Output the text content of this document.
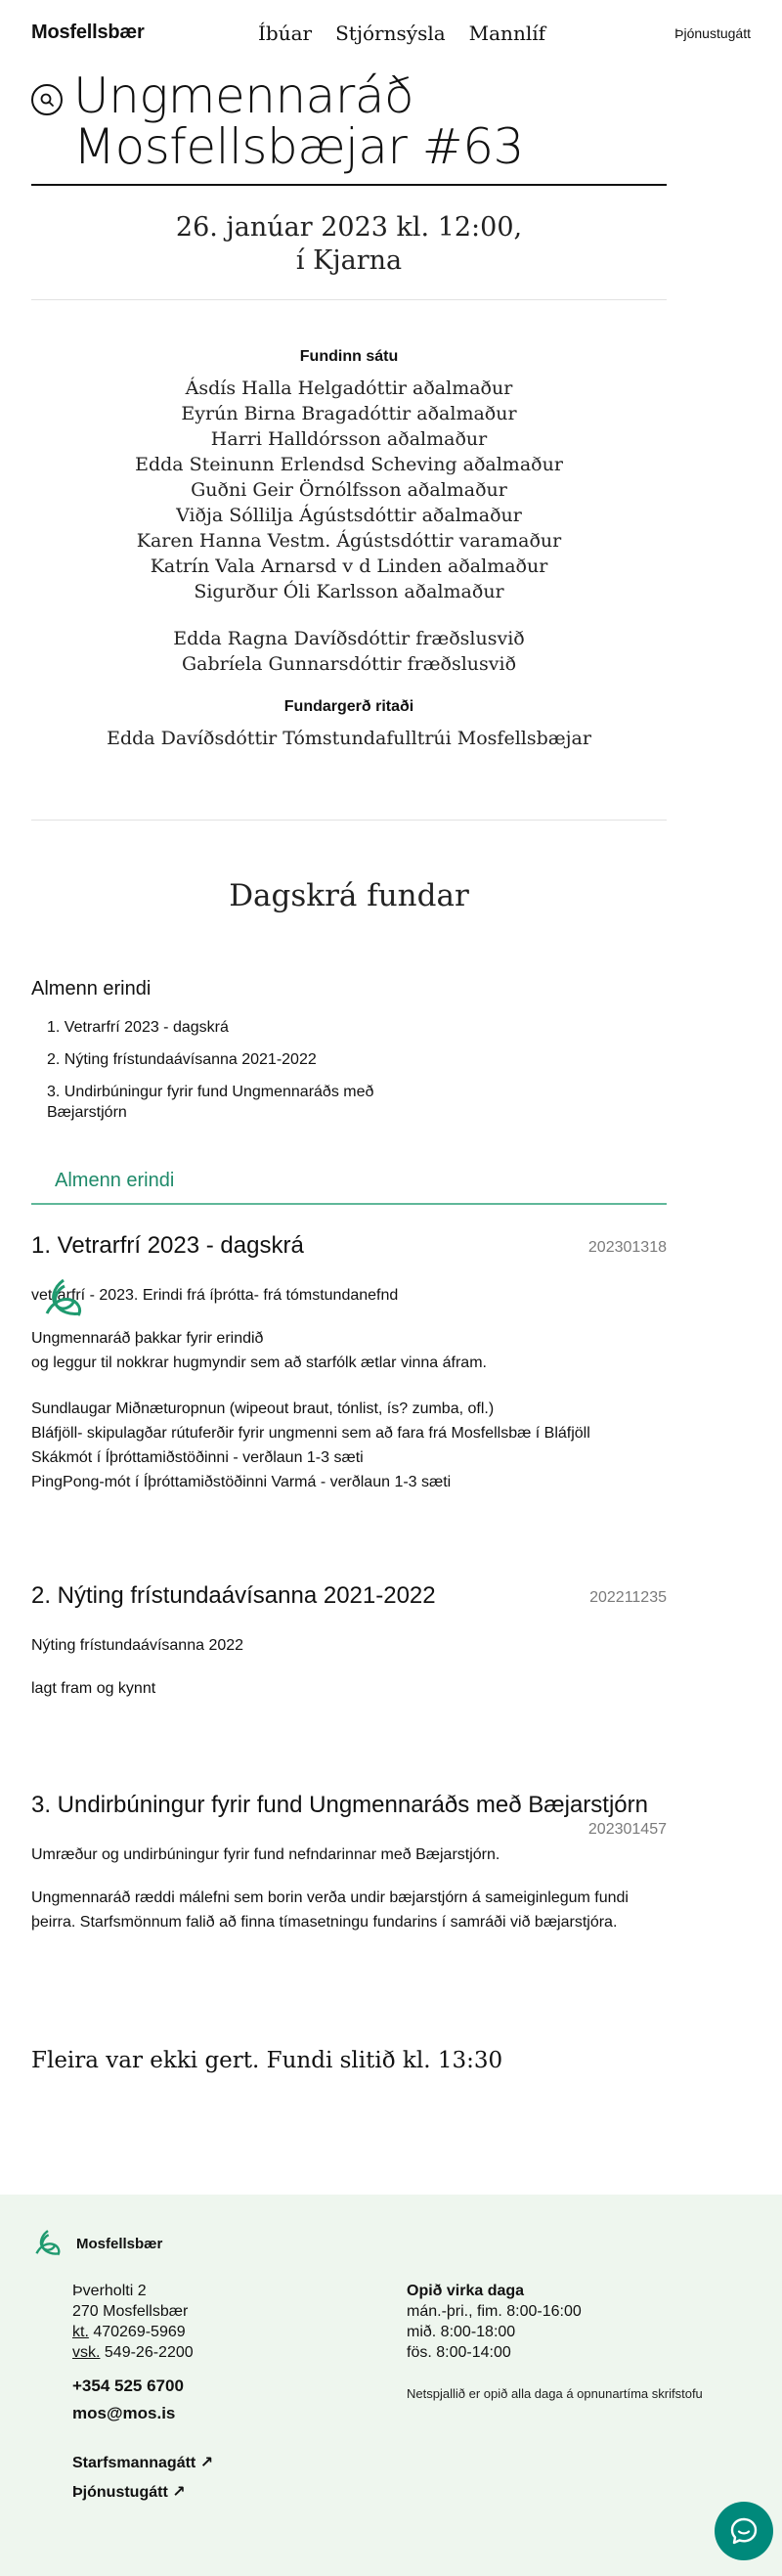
Mosfellsbær	Íbúar Stjórnsýsla Mannlíf	Þjónustugátt
Ungmennaráð Mosfellsbæjar #63
26. janúar 2023 kl. 12:00,
í Kjarna
Fundinn sátu
Ásdís Halla Helgadóttir aðalmaður
Eyrún Birna Bragadóttir aðalmaður
Harri Halldórsson aðalmaður
Edda Steinunn Erlendsd Scheving aðalmaður
Guðni Geir Örnólfsson aðalmaður
Viðja Sóllilja Ágústsdóttir aðalmaður
Karen Hanna Vestm. Ágústsdóttir varamaður
Katrín Vala Arnarsd v d Linden aðalmaður
Sigurður Óli Karlsson aðalmaður
Edda Ragna Davíðsdóttir fræðslusvið
Gabríela Gunnarsdóttir fræðslusvið
Fundargerð ritaði
Edda Davíðsdóttir Tómstundafulltrúi Mosfellsbæjar
Dagskrá fundar
Almenn erindi
1. Vetrarfrí 2023 - dagskrá
2. Nýting frístundaávísanna 2021-2022
3. Undirbúningur fyrir fund Ungmennaráðs með Bæjarstjórn
Almenn erindi
1. Vetrarfrí 2023 - dagskrá	202301318
vetrarfrí - 2023. Erindi frá íþrótta- frá tómstundanefnd
Ungmennaráð þakkar fyrir erindið
og leggur til nokkrar hugmyndir sem að starfólk ætlar vinna áfram.
Sundlaugar Miðnæturopnun (wipeout braut, tónlist, ís? zumba, ofl.)
Bláfjöll- skipulagðar rútuferðir fyrir ungmenni sem að fara frá Mosfellsbæ í Bláfjöll
Skákmót í Íþróttamiðstöðinni - verðlaun 1-3 sæti
PingPong-mót í Íþróttamiðstöðinni Varmá - verðlaun 1-3 sæti
2. Nýting frístundaávísanna 2021-2022	202211235
Nýting frístundaávísanna 2022
lagt fram og kynnt
3. Undirbúningur fyrir fund Ungmennaráðs með Bæjarstjórn
202301457
Umræður og undirbúningur fyrir fund nefndarinnar með Bæjarstjórn.
Ungmennaráð ræddi málefni sem borin verða undir bæjarstjórn á sameiginlegum fundi þeirra. Starfsmönnum falið að finna tímasetningu fundarins í samráði við bæjarstjóra.
Fleira var ekki gert. Fundi slitið kl. 13:30
Mosfellsbær
Þverholti 2
270 Mosfellsbær
kt. 470269-5969
vsk. 549-26-2200
+354 525 6700
mos@mos.is
Starfsmannagátt ↗
Þjónustugátt ↗
Opið virka daga
mán.-þri., fim. 8:00-16:00
mið. 8:00-18:00
fös. 8:00-14:00
Netspjallið er opið alla daga á opnunartíma skrifstofu
